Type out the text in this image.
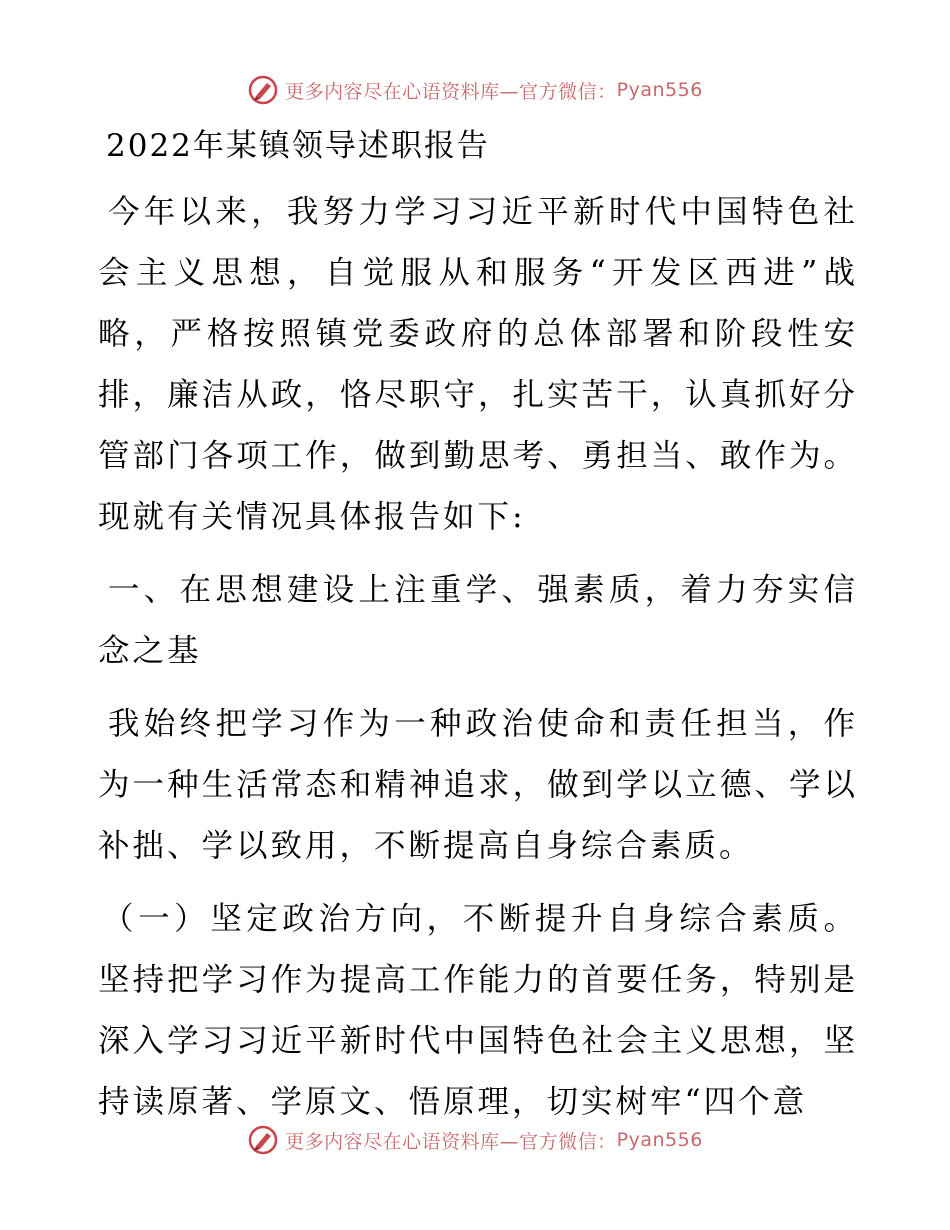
更多内容尽在心语资料库—官方微信： Pyan556
2022年某镇领导述职报告

今年以来，我努力学习习近平新时代中国特色社会主义思想，自觉服从和服务“开发区西进”战略，严格按照镇党委政府的总体部署和阶段性安排，廉洁从政，恪尽职守，扎实苦干，认真抓好分管部门各项工作，做到勤思考、勇担当、敢作为。现就有关情况具体报告如下:

一、在思想建设上注重学、强素质，着力夯实信念之基

我始终把学习作为一种政治使命和责任担当，作为一种生活常态和精神追求，做到学以立德、学以补拙、学以致用，不断提高自身综合素质。

（一）坚定政治方向，不断提升自身综合素质。坚持把学习作为提高工作能力的首要任务，特别是深入学习习近平新时代中国特色社会主义思想，坚持读原著、学原文、悟原理，切实树牢“四个意

更多内容尽在心语资料库—官方微信： Pyan556
